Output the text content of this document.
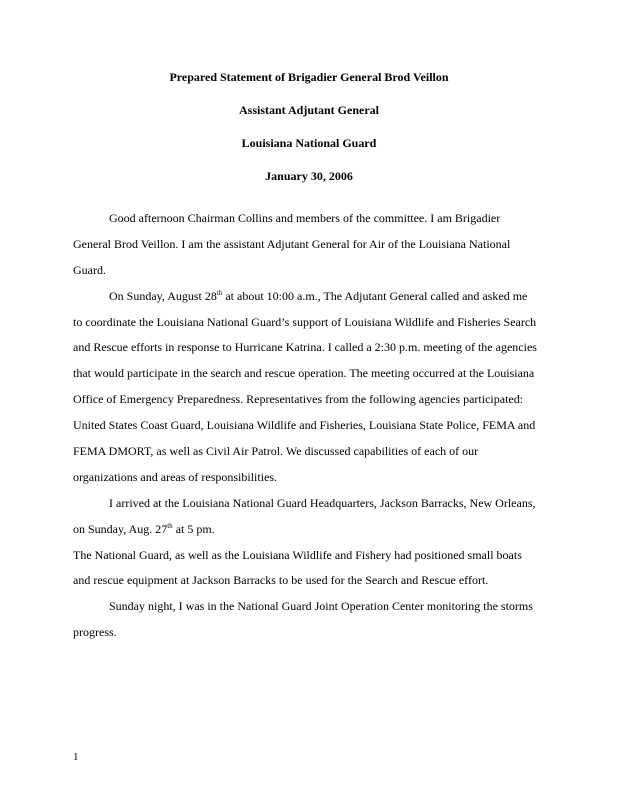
Prepared Statement of Brigadier General Brod Veillon
Assistant Adjutant General
Louisiana National Guard
January 30, 2006
Good afternoon Chairman Collins and members of the committee. I am Brigadier
General Brod Veillon. I am the assistant Adjutant General for Air of the Louisiana National
Guard.
On Sunday, August 28th at about 10:00 a.m., The Adjutant General called and asked me
to coordinate the Louisiana National Guard’s support of Louisiana Wildlife and Fisheries Search
and Rescue efforts in response to Hurricane Katrina. I called a 2:30 p.m. meeting of the agencies
that would participate in the search and rescue operation. The meeting occurred at the Louisiana
Office of Emergency Preparedness. Representatives from the following agencies participated:
United States Coast Guard, Louisiana Wildlife and Fisheries, Louisiana State Police, FEMA and
FEMA DMORT, as well as Civil Air Patrol. We discussed capabilities of each of our
organizations and areas of responsibilities.
I arrived at the Louisiana National Guard Headquarters, Jackson Barracks, New Orleans,
on Sunday, Aug. 27th at 5 pm.
The National Guard, as well as the Louisiana Wildlife and Fishery had positioned small boats
and rescue equipment at Jackson Barracks to be used for the Search and Rescue effort.
Sunday night, I was in the National Guard Joint Operation Center monitoring the storms
progress.
1
